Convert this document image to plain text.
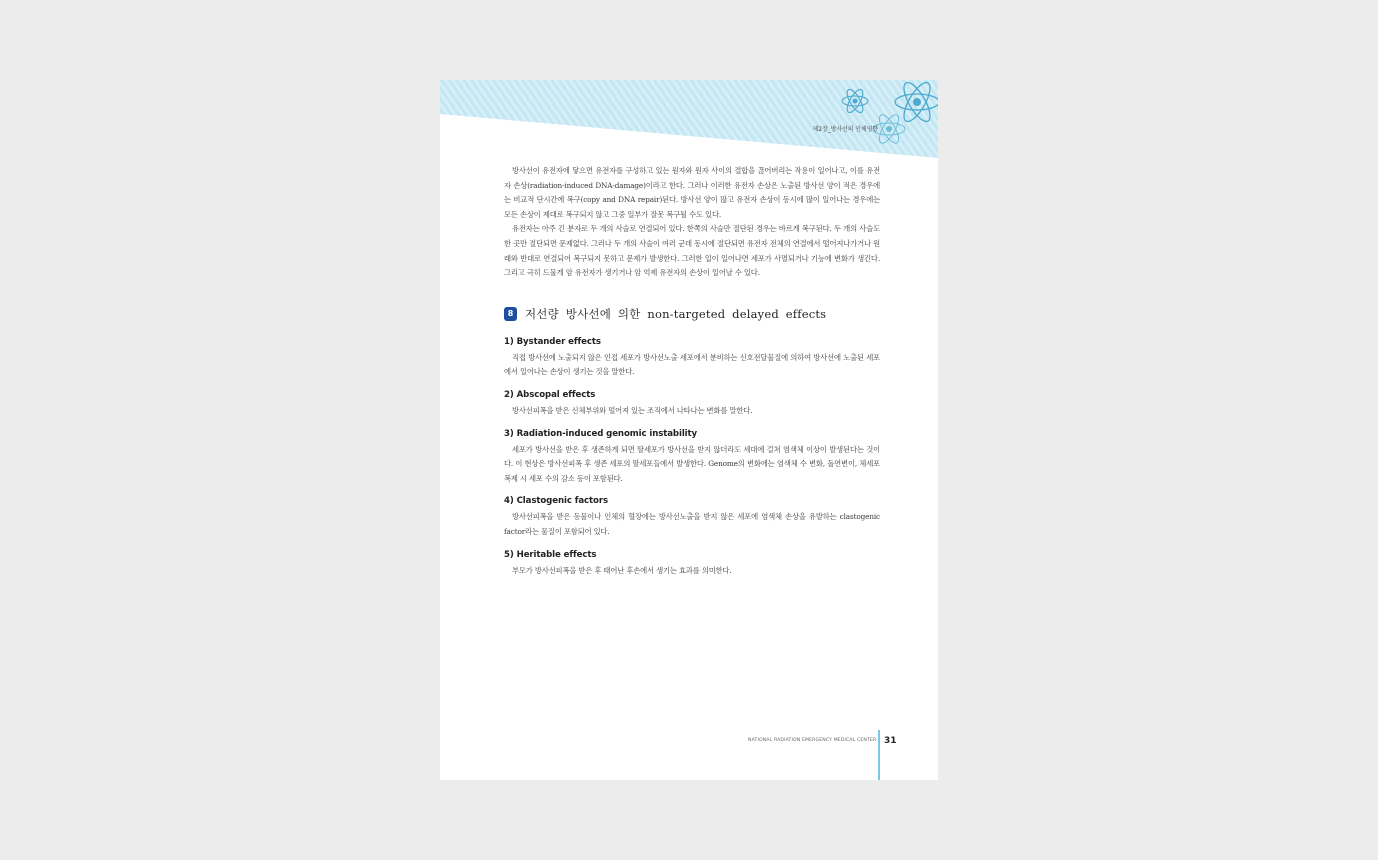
제2장_방사선의 인체영향

방사선이 유전자에 닿으면 유전자를 구성하고 있는 원자와 원자 사이의 결합을 끊어버리는 작용이 일어나고, 이를 유전자 손상(radiation-induced DNA-damage)이라고 한다. 그러나 이러한 유전자 손상은 노출된 방사선 양이 적은 경우에는 비교적 단시간에 복구(copy and DNA repair)된다. 방사선 양이 많고 유전자 손상이 동시에 많이 일어나는 경우에는 모든 손상이 제대로 복구되지 않고 그중 일부가 잘못 복구될 수도 있다.

유전자는 아주 긴 분자로 두 개의 사슬로 연결되어 있다. 한쪽의 사슬만 절단된 경우는 바르게 복구된다. 두 개의 사슬도 한 곳만 절단되면 문제없다. 그러나 두 개의 사슬이 여러 군데 동시에 절단되면 유전자 전체의 연결에서 떨어져나가거나 원래와 반대로 연결되어 복구되지 못하고 문제가 발생한다. 그러한 일이 일어나면 세포가 사멸되거나 기능에 변화가 생긴다. 그리고 극히 드물게 암 유전자가 생기거나 암 억제 유전자의 손상이 일어날 수 있다.

8	저선량 방사선에 의한 non-targeted delayed effects
1) Bystander effects

직접 방사선에 노출되지 않은 인접 세포가 방사선노출 세포에서 분비하는 신호전달물질에 의하여 방사선에 노출된 세포에서 일어나는 손상이 생기는 것을 말한다.

2) Abscopal effects

방사선피폭을 받은 신체부위와 떨어져 있는 조직에서 나타나는 변화를 말한다.

3) Radiation-induced genomic instability

세포가 방사선을 받은 후 생존하게 되면 딸세포가 방사선을 받지 않더라도 세대에 걸쳐 염색체 이상이 발생된다는 것이다. 이 현상은 방사선피폭 후 생존 세포의 딸세포들에서 발생한다. Genome의 변화에는 염색체 수 변화, 돌연변이, 체세포 복제 시 세포 수의 감소 등이 포함된다.

4) Clastogenic factors

방사선피폭을 받은 동물이나 인체의 혈장에는 방사선노출을 받지 않은 세포에 염색체 손상을 유발하는 clastogenic factor라는 물질이 포함되어 있다.

5) Heritable effects

부모가 방사선피폭을 받은 후 태어난 후손에서 생기는 효과를 의미한다.

NATIONAL RADIATION EMERGENCY MEDICAL CENTER 31
